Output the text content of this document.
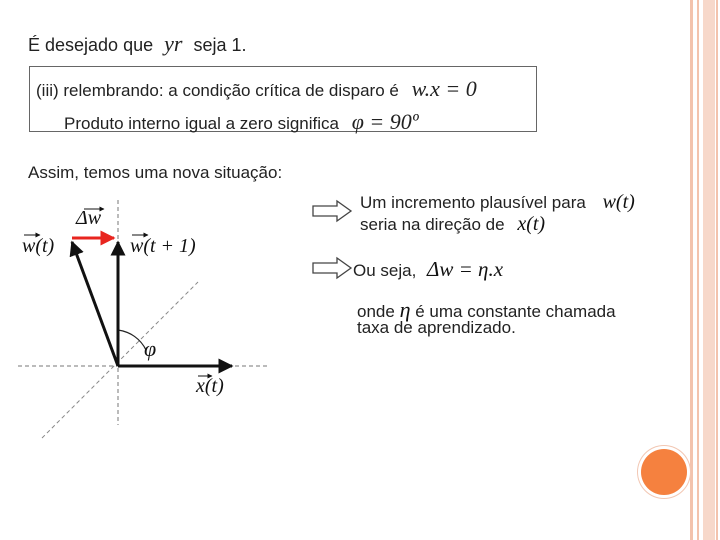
É desejado que yr seja 1.
(iii) relembrando: a condição crítica de disparo é w.x = 0
Produto interno igual a zero significa φ = 90º
Assim, temos uma nova situação:
Um incremento plausível para w(t)
seria na direção de x(t)
Ou seja, Δw = η.x
onde η é uma constante chamada
taxa de aprendizado.
Δw
w(t)	w(t + 1)
φ
x(t)
